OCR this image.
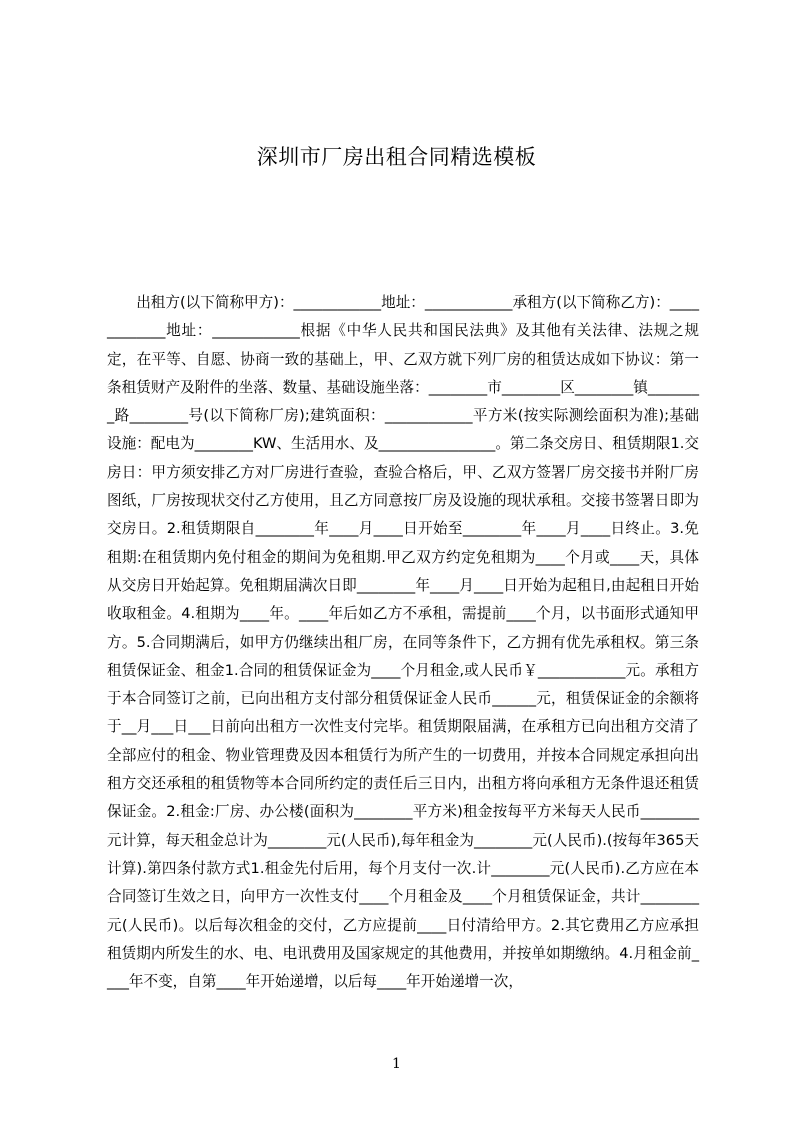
深圳市厂房出租合同精选模板

出租方(以下简称甲方)：____________地址：____________承租方(以下简称乙方)：____________地址：____________根据《中华人民共和国民法典》及其他有关法律、法规之规定，在平等、自愿、协商一致的基础上，甲、乙双方就下列厂房的租赁达成如下协议：第一条租赁财产及附件的坐落、数量、基础设施坐落：________市________区________镇________路________号(以下简称厂房);建筑面积：____________平方米(按实际测绘面积为准);基础设施：配电为________KW、生活用水、及________________。第二条交房日、租赁期限1.交房日：甲方须安排乙方对厂房进行查验，查验合格后，甲、乙双方签署厂房交接书并附厂房图纸，厂房按现状交付乙方使用，且乙方同意按厂房及设施的现状承租。交接书签署日即为交房日。2.租赁期限自________年____月____日开始至________年____月____日终止。3.免租期:在租赁期内免付租金的期间为免租期.甲乙双方约定免租期为____个月或____天，具体从交房日开始起算。免租期届满次日即________年____月____日开始为起租日,由起租日开始收取租金。4.租期为____年。____年后如乙方不承租，需提前____个月，以书面形式通知甲方。5.合同期满后，如甲方仍继续出租厂房，在同等条件下，乙方拥有优先承租权。第三条租赁保证金、租金1.合同的租赁保证金为____个月租金,或人民币￥____________元。承租方于本合同签订之前，已向出租方支付部分租赁保证金人民币______元，租赁保证金的余额将于__月___日___日前向出租方一次性支付完毕。租赁期限届满，在承租方已向出租方交清了全部应付的租金、物业管理费及因本租赁行为所产生的一切费用，并按本合同规定承担向出租方交还承租的租赁物等本合同所约定的责任后三日内，出租方将向承租方无条件退还租赁保证金。2.租金:厂房、办公楼(面积为________平方米)租金按每平方米每天人民币________元计算，每天租金总计为________元(人民币),每年租金为________元(人民币).(按每年365天计算).第四条付款方式1.租金先付后用，每个月支付一次.计________元(人民币).乙方应在本合同签订生效之日，向甲方一次性支付____个月租金及____个月租赁保证金，共计________元(人民币)。以后每次租金的交付，乙方应提前____日付清给甲方。2.其它费用乙方应承担租赁期内所发生的水、电、电讯费用及国家规定的其他费用，并按单如期缴纳。4.月租金前____年不变，自第____年开始递增，以后每____年开始递增一次，

1
